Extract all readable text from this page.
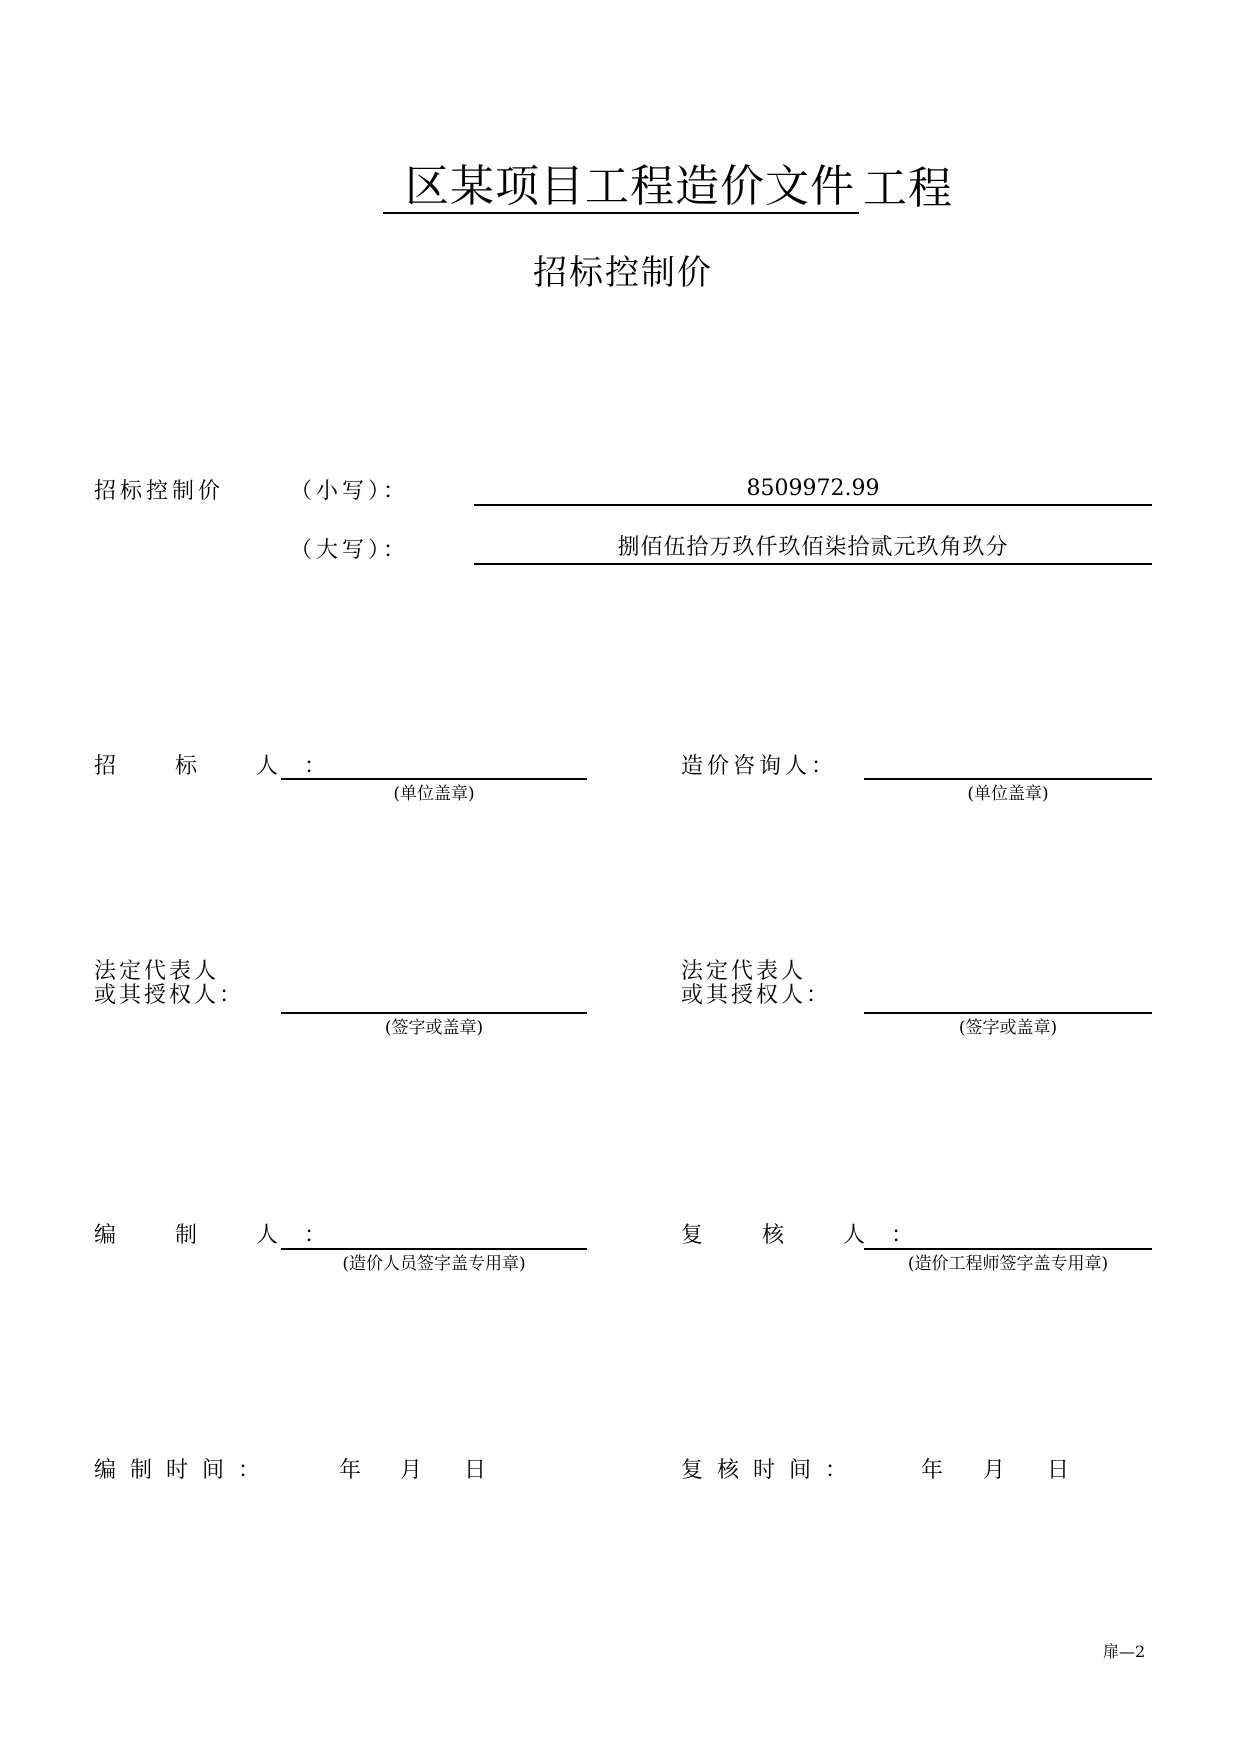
区某项目工程造价文件 工程
招标控制价
招标控制价	（小写）：	8509972.99
（大写）：	捌佰伍拾万玖仟玖佰柒拾贰元玖角玖分
招 标 人：
(单位盖章)
造价咨询人：
(单位盖章)
法定代表人
或其授权人：
(签字或盖章)
法定代表人
或其授权人：
(签字或盖章)
编 制 人：
(造价人员签字盖专用章)
复 核 人：
(造价工程师签字盖专用章)
编制时间：	年 月 日	复核时间：	年 月 日
扉—2
